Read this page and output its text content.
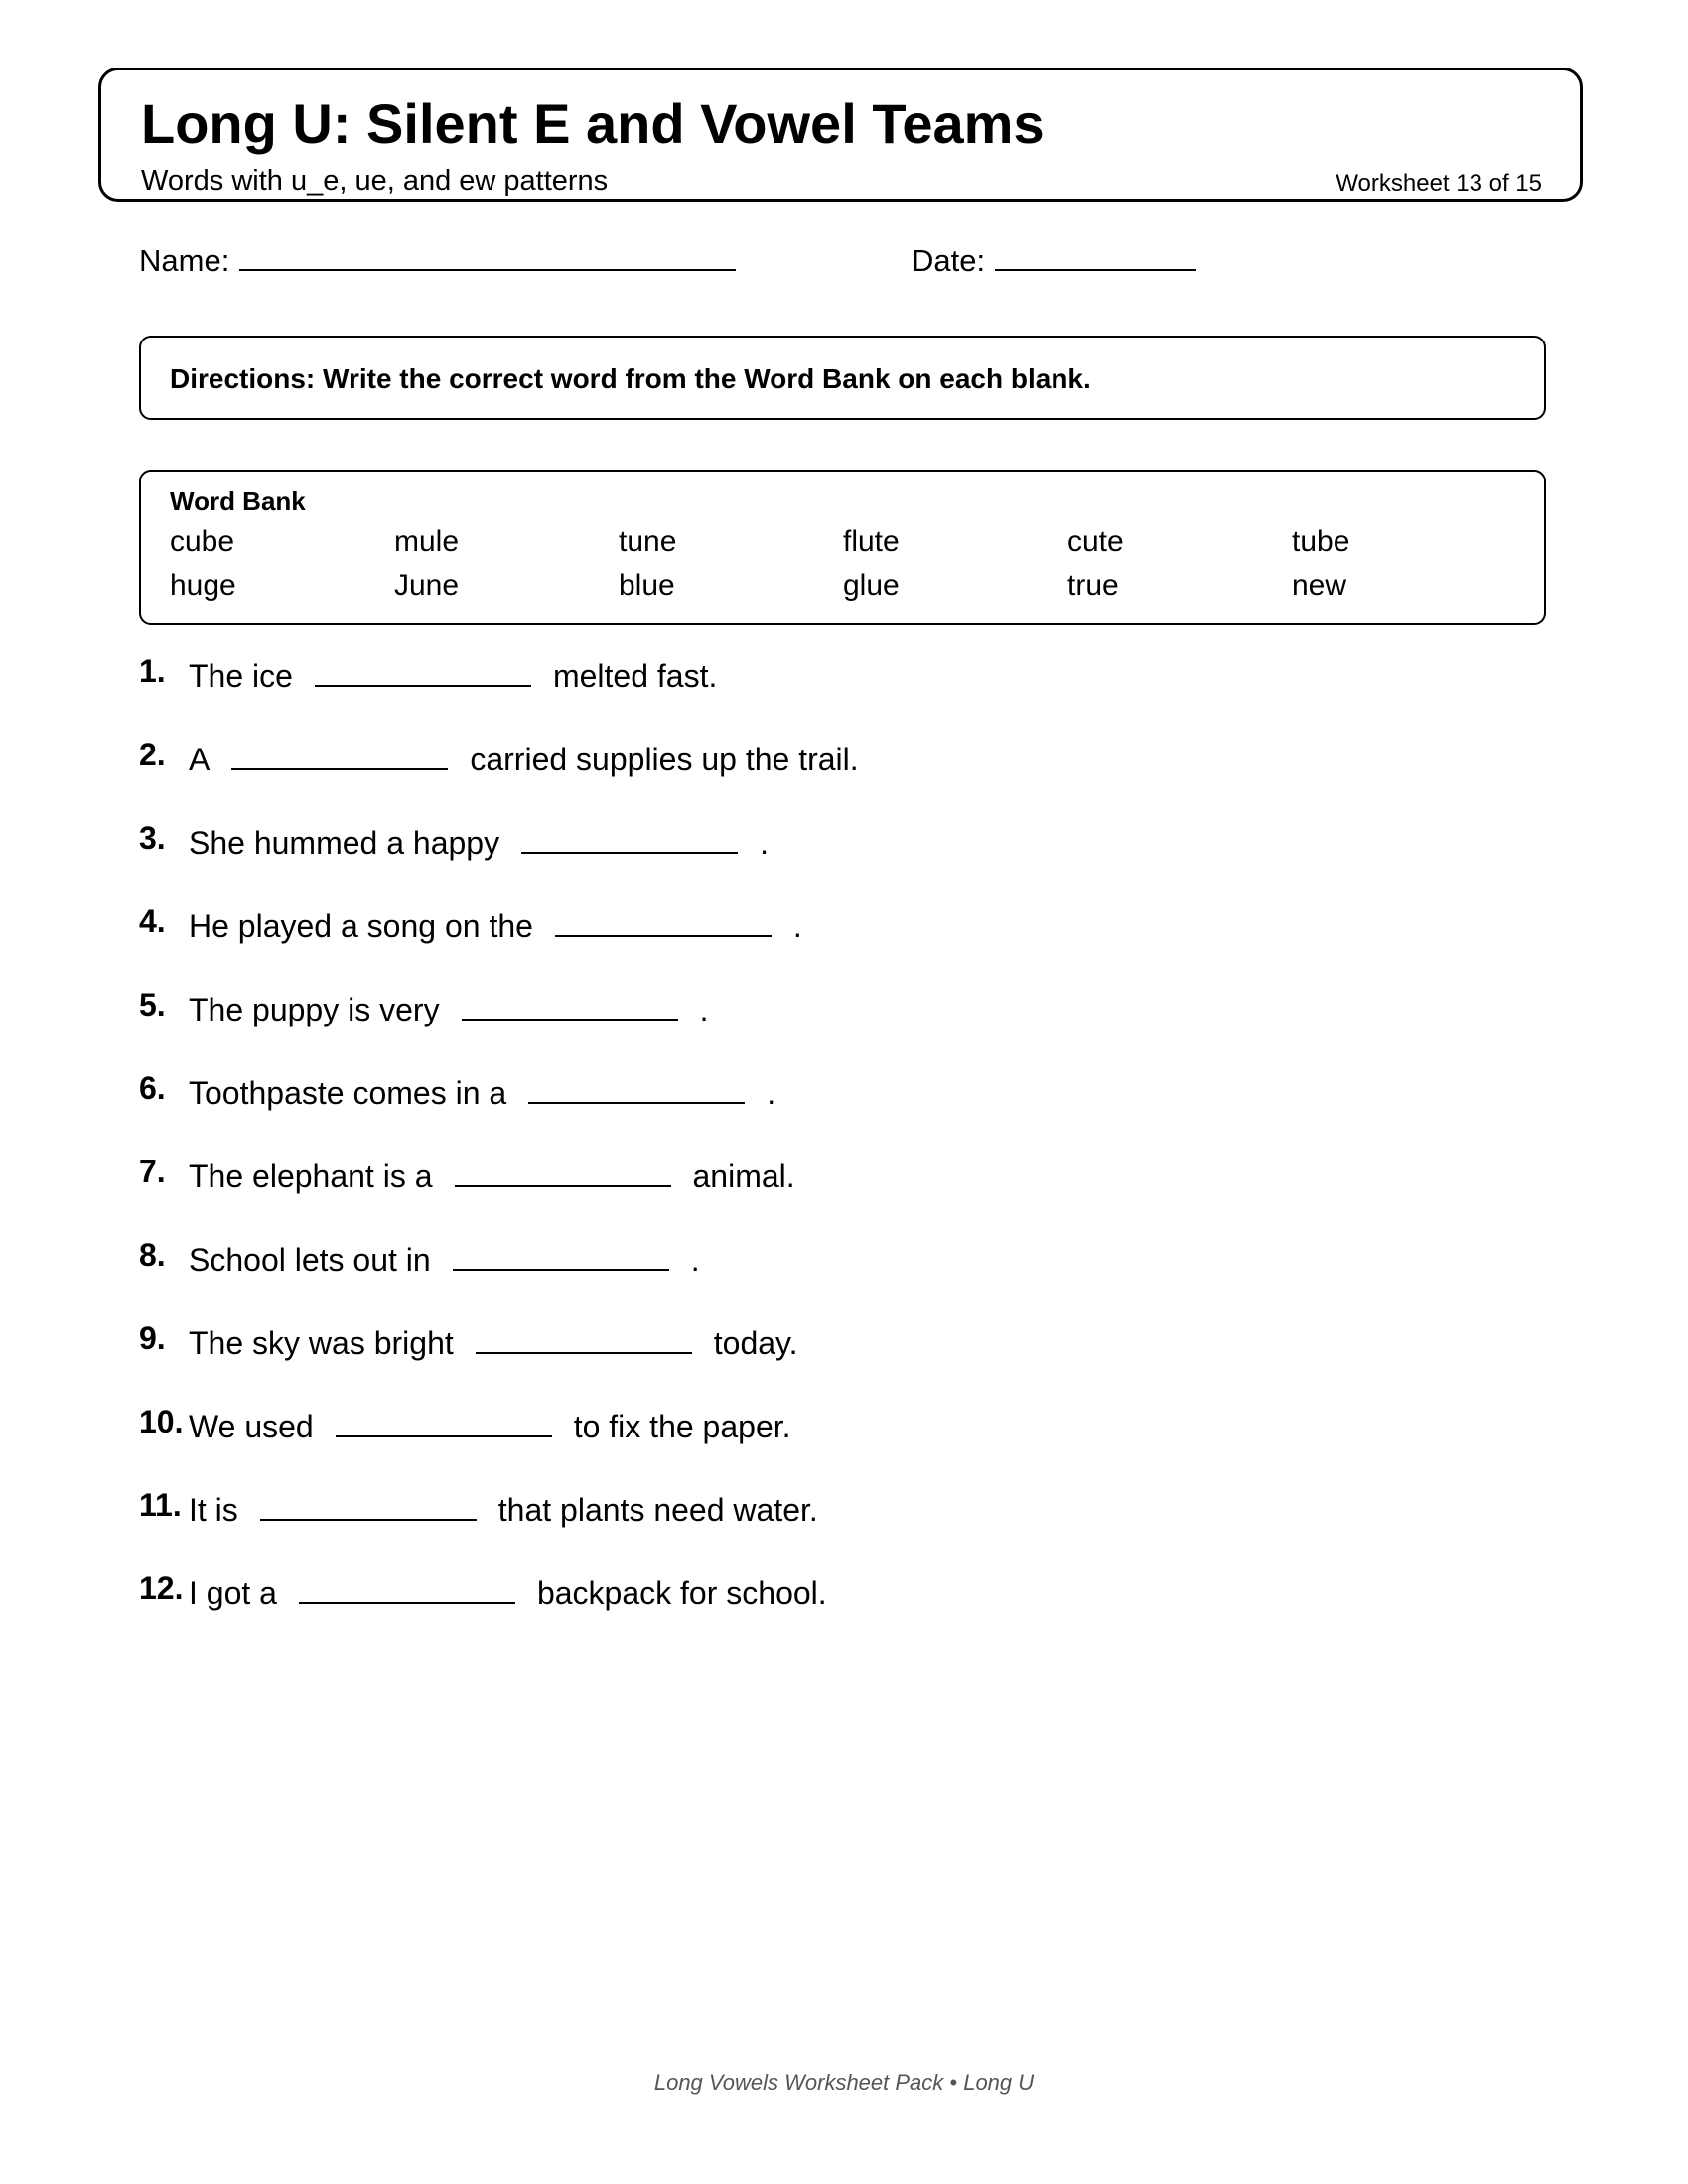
Long U: Silent E and Vowel Teams
Words with u_e, ue, and ew patterns	Worksheet 13 of 15
Name:	Date:
Directions: Write the correct word from the Word Bank on each blank.
Word Bank
cube	mule	tune	flute	cute	tube
huge	June	blue	glue	true	new
1. The ice	melted fast.
2. A	carried supplies up the trail.
3. She hummed a happy	.
4. He played a song on the	.
5. The puppy is very	.
6. Toothpaste comes in a	.
7. The elephant is a	animal.
8. School lets out in	.
9. The sky was bright	today.
10. We used	to fix the paper.
11. It is	that plants need water.
12. I got a	backpack for school.
Long Vowels Worksheet Pack • Long U
